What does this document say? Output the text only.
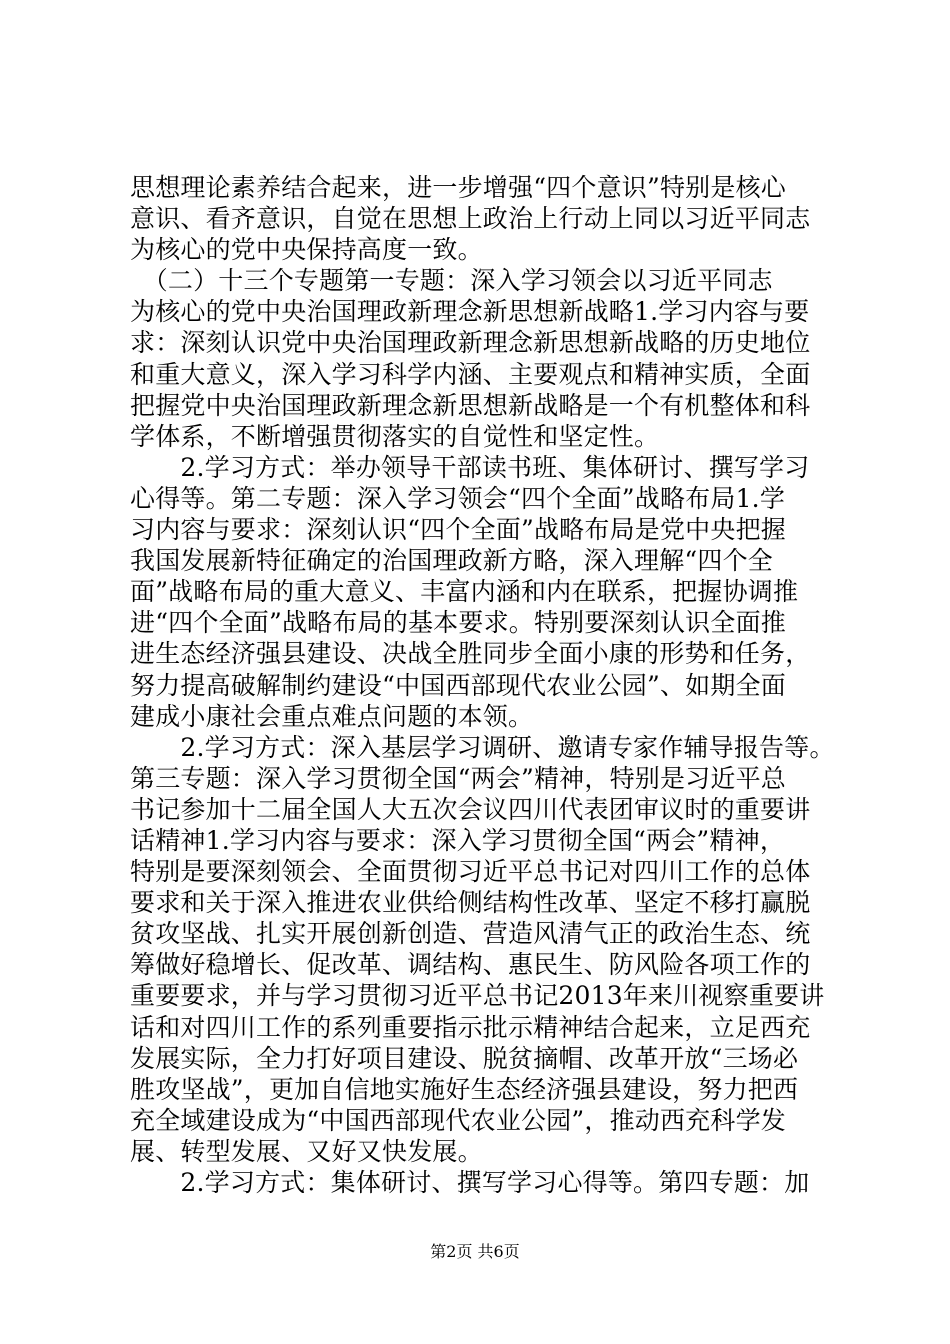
思想理论素养结合起来，进一步增强“四个意识”特别是核心
意识、看齐意识，自觉在思想上政治上行动上同以习近平同志
为核心的党中央保持高度一致。
　（二）十三个专题第一专题：深入学习领会以习近平同志
为核心的党中央治国理政新理念新思想新战略1.学习内容与要
求：深刻认识党中央治国理政新理念新思想新战略的历史地位
和重大意义，深入学习科学内涵、主要观点和精神实质，全面
把握党中央治国理政新理念新思想新战略是一个有机整体和科
学体系，不断增强贯彻落实的自觉性和坚定性。
　　2.学习方式：举办领导干部读书班、集体研讨、撰写学习
心得等。第二专题：深入学习领会“四个全面”战略布局1.学
习内容与要求：深刻认识“四个全面”战略布局是党中央把握
我国发展新特征确定的治国理政新方略，深入理解“四个全
面”战略布局的重大意义、丰富内涵和内在联系，把握协调推
进“四个全面”战略布局的基本要求。特别要深刻认识全面推
进生态经济强县建设、决战全胜同步全面小康的形势和任务，
努力提高破解制约建设“中国西部现代农业公园”、如期全面
建成小康社会重点难点问题的本领。
　　2.学习方式：深入基层学习调研、邀请专家作辅导报告等。
第三专题：深入学习贯彻全国“两会”精神，特别是习近平总
书记参加十二届全国人大五次会议四川代表团审议时的重要讲
话精神1.学习内容与要求：深入学习贯彻全国“两会”精神，
特别是要深刻领会、全面贯彻习近平总书记对四川工作的总体
要求和关于深入推进农业供给侧结构性改革、坚定不移打赢脱
贫攻坚战、扎实开展创新创造、营造风清气正的政治生态、统
筹做好稳增长、促改革、调结构、惠民生、防风险各项工作的
重要要求，并与学习贯彻习近平总书记2013年来川视察重要讲
话和对四川工作的系列重要指示批示精神结合起来，立足西充
发展实际，全力打好项目建设、脱贫摘帽、改革开放“三场必
胜攻坚战”，更加自信地实施好生态经济强县建设，努力把西
充全域建设成为“中国西部现代农业公园”，推动西充科学发
展、转型发展、又好又快发展。
　　2.学习方式：集体研讨、撰写学习心得等。第四专题：加
第2页 共6页
